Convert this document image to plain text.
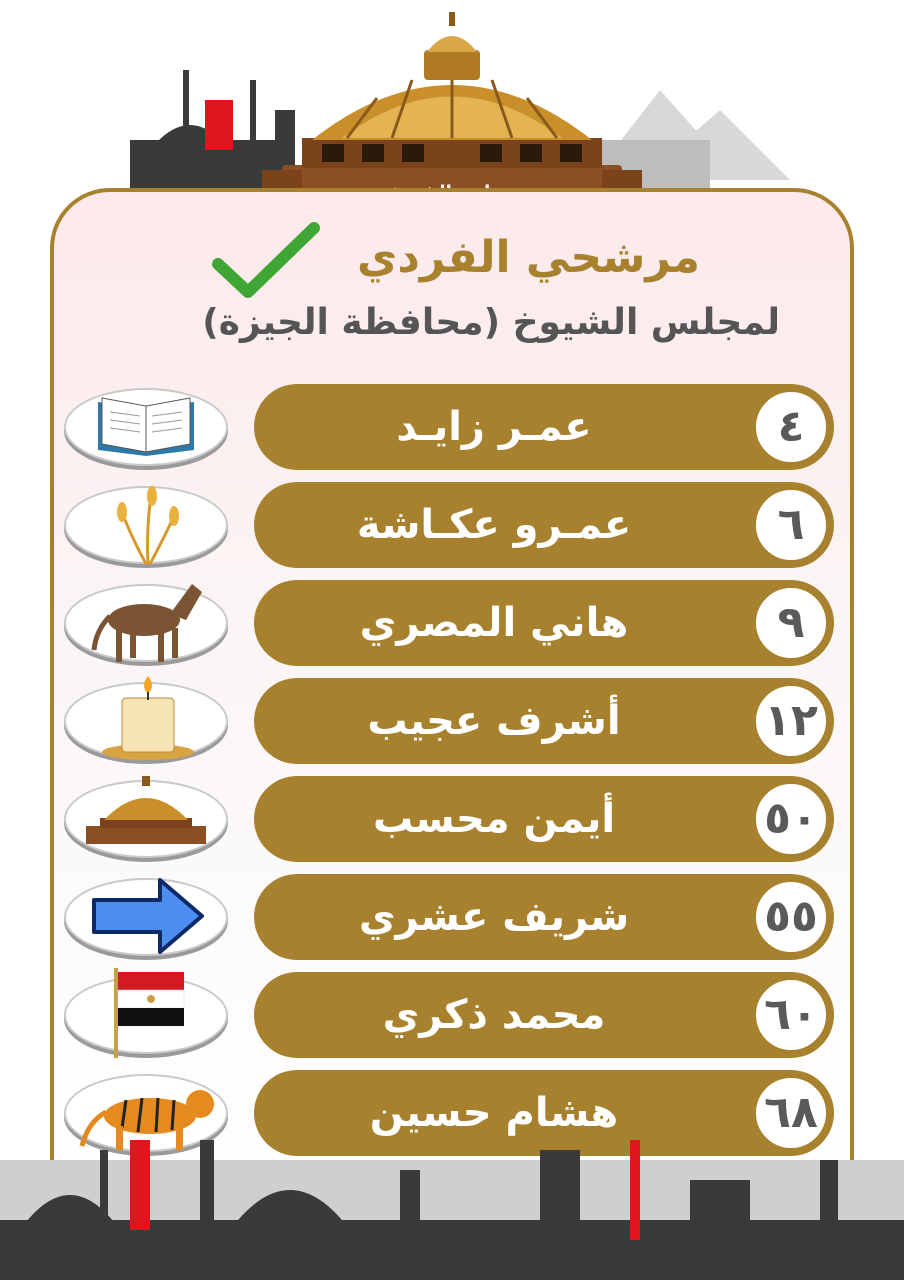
مرشحي الفردي
لمجلس الشيوخ (محافظة الجيزة)
عمـر زايـد	٤
عمـرو عكـاشة	٦
هاني المصري	٩
أشرف عجيب	١٢
أيمن محسب	٥٠
شريف عشري	٥٥
محمد ذكري	٦٠
هشام حسين	٦٨
